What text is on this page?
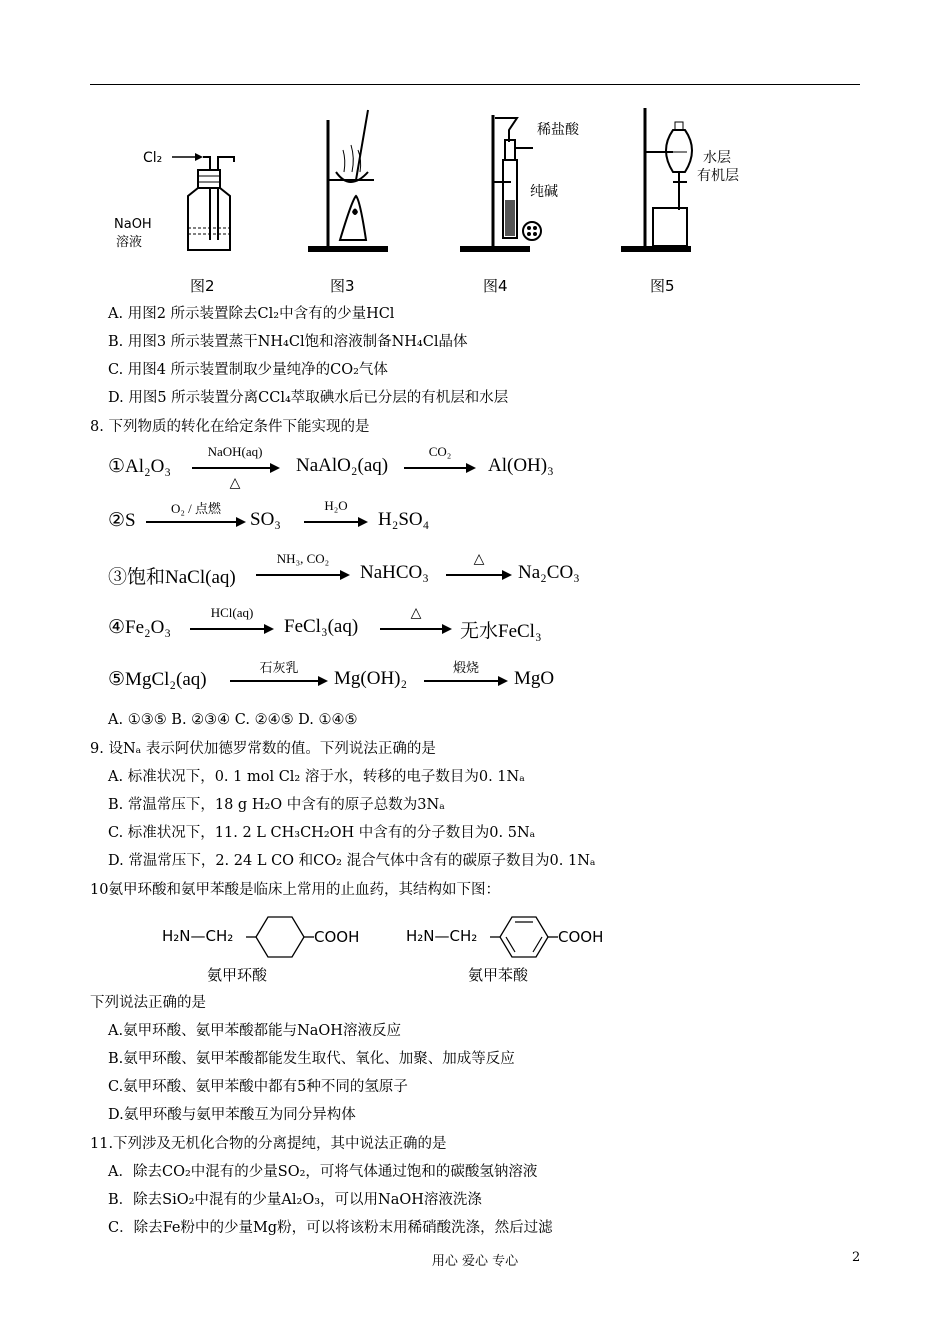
Cl₂
NaOH
溶液
稀盐酸
纯碱
水层
有机层
图2	图3	图4	图5
A. 用图2 所示装置除去Cl₂中含有的少量HCl
B. 用图3 所示装置蒸干NH₄Cl饱和溶液制备NH₄Cl晶体
C. 用图4 所示装置制取少量纯净的CO₂气体
D. 用图5 所示装置分离CCl₄萃取碘水后已分层的有机层和水层
8. 下列物质的转化在给定条件下能实现的是
①Al₂O₃
NaOH(aq)
△
NaAlO₂(aq)
CO₂
Al(OH)₃
②S
O₂ / 点燃
SO₃
H₂O
H₂SO₄
③饱和NaCl(aq)
NH₃, CO₂
NaHCO₃
△
Na₂CO₃
④Fe₂O₃
HCl(aq)
FeCl₃(aq)
△
无水FeCl₃
⑤MgCl₂(aq)
石灰乳
Mg(OH)₂
煅烧
MgO
A. ①③⑤ B. ②③④ C. ②④⑤ D. ①④⑤
9. 设Nₐ 表示阿伏加德罗常数的值。下列说法正确的是
A. 标准状况下，0. 1 mol Cl₂ 溶于水，转移的电子数目为0. 1Nₐ
B. 常温常压下，18 g H₂O 中含有的原子总数为3Nₐ
C. 标准状况下，11. 2 L CH₃CH₂OH 中含有的分子数目为0. 5Nₐ
D. 常温常压下，2. 24 L CO 和CO₂ 混合气体中含有的碳原子数目为0. 1Nₐ
10氨甲环酸和氨甲苯酸是临床上常用的止血药，其结构如下图：
H₂N—CH₂	COOH	H₂N—CH₂	COOH
氨甲环酸	氨甲苯酸
下列说法正确的是
A.氨甲环酸、氨甲苯酸都能与NaOH溶液反应
B.氨甲环酸、氨甲苯酸都能发生取代、氧化、加聚、加成等反应
C.氨甲环酸、氨甲苯酸中都有5种不同的氢原子
D.氨甲环酸与氨甲苯酸互为同分异构体
11.下列涉及无机化合物的分离提纯，其中说法正确的是
A．除去CO₂中混有的少量SO₂，可将气体通过饱和的碳酸氢钠溶液
B．除去SiO₂中混有的少量Al₂O₃，可以用NaOH溶液洗涤
C．除去Fe粉中的少量Mg粉，可以将该粉末用稀硝酸洗涤，然后过滤
用心 爱心 专心	2
